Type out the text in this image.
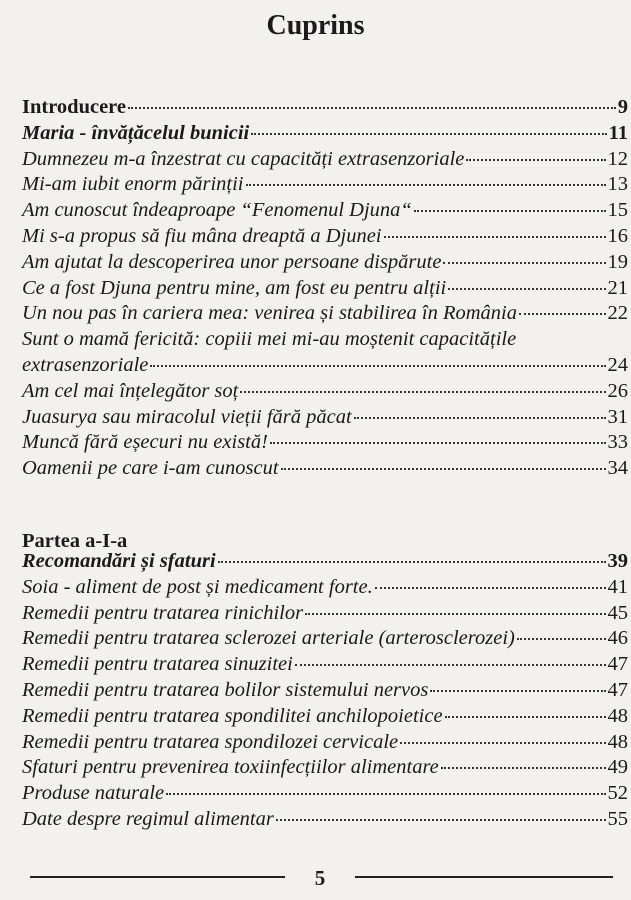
Cuprins
Introducere	9
Maria - învățăcelul bunicii	11
Dumnezeu m-a înzestrat cu capacități extrasenzoriale	12
Mi-am iubit enorm părinții	13
Am cunoscut îndeaproape “Fenomenul Djuna“	15
Mi s-a propus să fiu mâna dreaptă a Djunei	16
Am ajutat la descoperirea unor persoane dispărute	19
Ce a fost Djuna pentru mine, am fost eu pentru alții	21
Un nou pas în cariera mea: venirea și stabilirea în România	22
Sunt o mamă fericită: copiii mei mi-au moștenit capacitățile
extrasenzoriale	24
Am cel mai înțelegător soț	26
Juasurya sau miracolul vieții fără păcat	31
Muncă fără eșecuri nu există!	33
Oamenii pe care i-am cunoscut	34
Partea a-I-a
Recomandări și sfaturi	39
Soia - aliment de post și medicament forte.	41
Remedii pentru tratarea rinichilor	45
Remedii pentru tratarea sclerozei arteriale (arterosclerozei)	46
Remedii pentru tratarea sinuzitei	47
Remedii pentru tratarea bolilor sistemului nervos	47
Remedii pentru tratarea spondilitei anchilopoietice	48
Remedii pentru tratarea spondilozei cervicale	48
Sfaturi pentru prevenirea toxiinfecțiilor alimentare	49
Produse naturale	52
Date despre regimul alimentar	55
5
